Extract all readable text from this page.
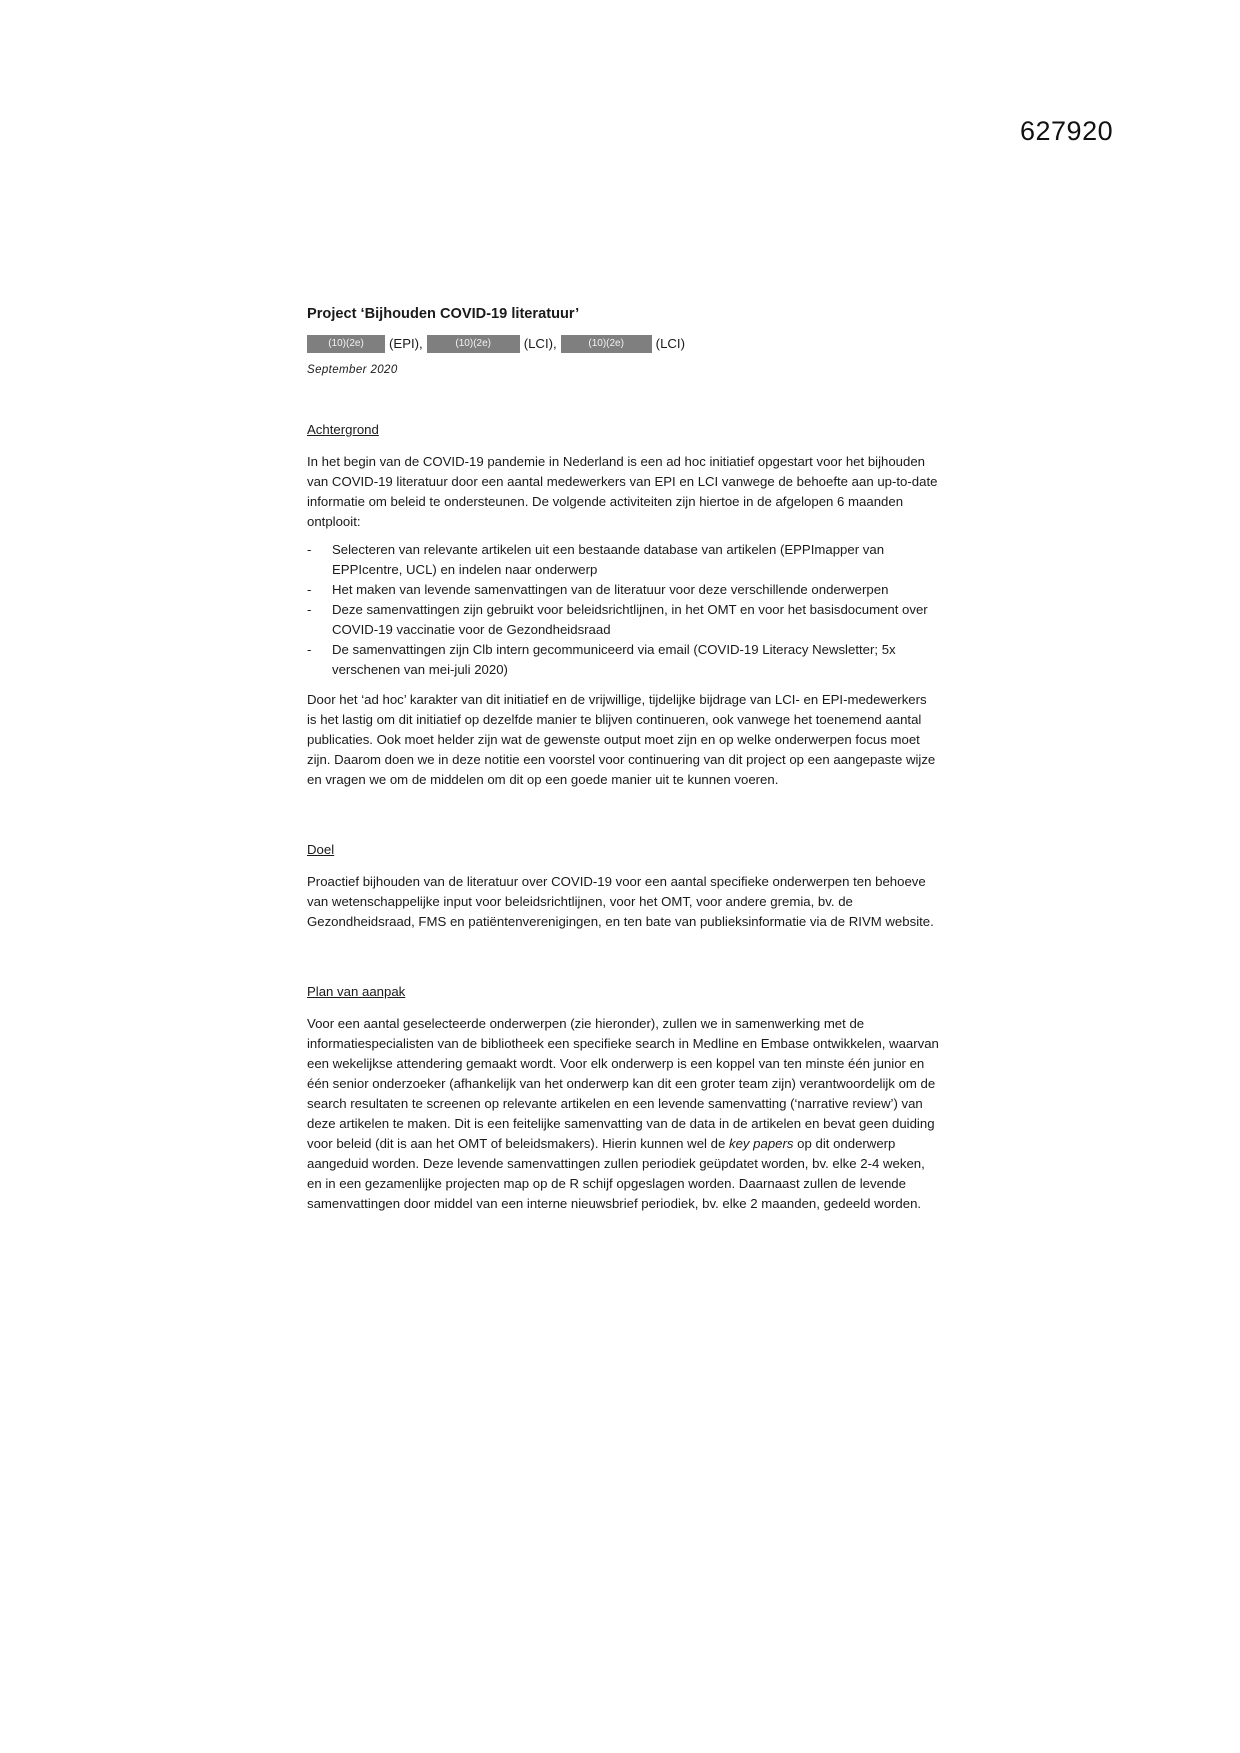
627920
Project ‘Bijhouden COVID-19 literatuur’
(10)(2e)	(EPI),	(10)(2e)	(LCI),	(10)(2e)	(LCI)
September 2020
Achtergrond

In het begin van de COVID-19 pandemie in Nederland is een ad hoc initiatief opgestart voor het bijhouden van COVID-19 literatuur door een aantal medewerkers van EPI en LCI vanwege de behoefte aan up-to-date informatie om beleid te ondersteunen. De volgende activiteiten zijn hiertoe in de afgelopen 6 maanden ontplooit:

- Selecteren van relevante artikelen uit een bestaande database van artikelen (EPPImapper van EPPIcentre, UCL) en indelen naar onderwerp
- Het maken van levende samenvattingen van de literatuur voor deze verschillende onderwerpen
- Deze samenvattingen zijn gebruikt voor beleidsrichtlijnen, in het OMT en voor het basisdocument over COVID-19 vaccinatie voor de Gezondheidsraad
- De samenvattingen zijn Clb intern gecommuniceerd via email (COVID-19 Literacy Newsletter; 5x verschenen van mei-juli 2020)

Door het ‘ad hoc’ karakter van dit initiatief en de vrijwillige, tijdelijke bijdrage van LCI- en EPI-medewerkers is het lastig om dit initiatief op dezelfde manier te blijven continueren, ook vanwege het toenemend aantal publicaties. Ook moet helder zijn wat de gewenste output moet zijn en op welke onderwerpen focus moet zijn. Daarom doen we in deze notitie een voorstel voor continuering van dit project op een aangepaste wijze en vragen we om de middelen om dit op een goede manier uit te kunnen voeren.

Doel

Proactief bijhouden van de literatuur over COVID-19 voor een aantal specifieke onderwerpen ten behoeve van wetenschappelijke input voor beleidsrichtlijnen, voor het OMT, voor andere gremia, bv. de Gezondheidsraad, FMS en patiëntenverenigingen, en ten bate van publieksinformatie via de RIVM website.

Plan van aanpak

Voor een aantal geselecteerde onderwerpen (zie hieronder), zullen we in samenwerking met de informatiespecialisten van de bibliotheek een specifieke search in Medline en Embase ontwikkelen, waarvan een wekelijkse attendering gemaakt wordt. Voor elk onderwerp is een koppel van ten minste één junior en één senior onderzoeker (afhankelijk van het onderwerp kan dit een groter team zijn) verantwoordelijk om de search resultaten te screenen op relevante artikelen en een levende samenvatting (‘narrative review’) van deze artikelen te maken. Dit is een feitelijke samenvatting van de data in de artikelen en bevat geen duiding voor beleid (dit is aan het OMT of beleidsmakers). Hierin kunnen wel de key papers op dit onderwerp aangeduid worden. Deze levende samenvattingen zullen periodiek geüpdatet worden, bv. elke 2-4 weken, en in een gezamenlijke projecten map op de R schijf opgeslagen worden. Daarnaast zullen de levende samenvattingen door middel van een interne nieuwsbrief periodiek, bv. elke 2 maanden, gedeeld worden.
